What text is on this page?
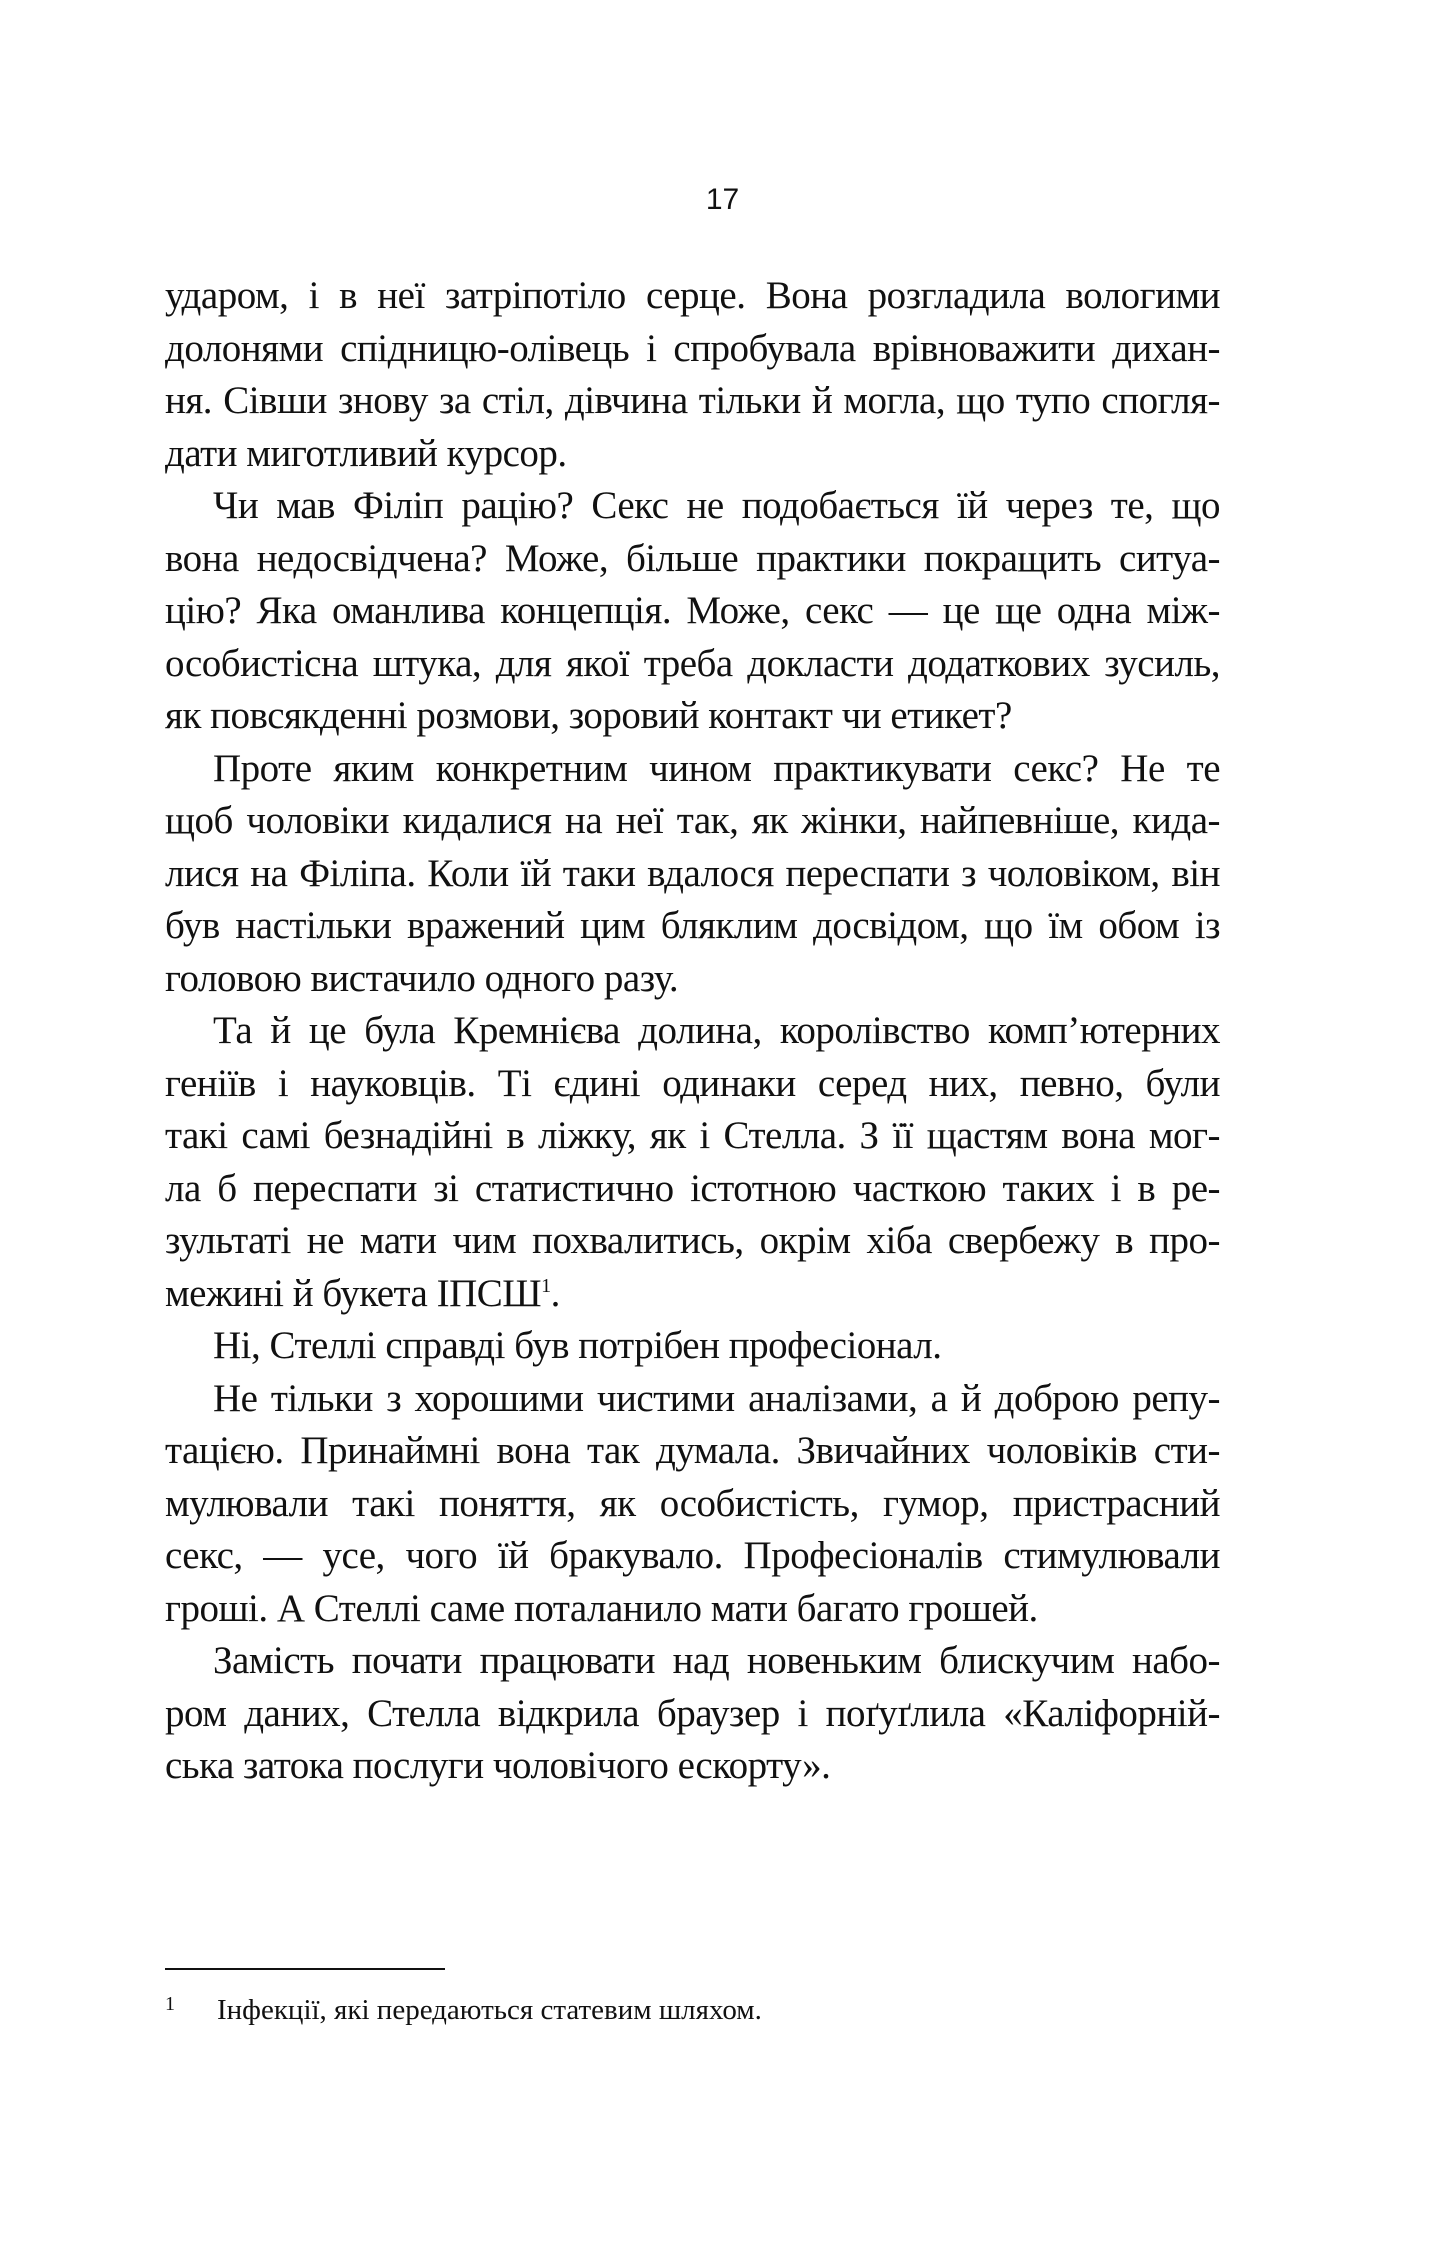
17
ударом, і в неї затріпотіло серце. Вона розгладила вологими
долонями спідницю-олівець і спробувала врівноважити дихан-
ня. Сівши знову за стіл, дівчина тільки й могла, що тупо спогля-
дати миготливий курсор.
Чи мав Філіп рацію? Секс не подобається їй через те, що
вона недосвідчена? Може, більше практики покращить ситуа-
цію? Яка оманлива концепція. Може, секс — це ще одна між-
особистісна штука, для якої треба докласти додаткових зусиль,
як повсякденні розмови, зоровий контакт чи етикет?
Проте яким конкретним чином практикувати секс? Не те
щоб чоловіки кидалися на неї так, як жінки, найпевніше, кида-
лися на Філіпа. Коли їй таки вдалося переспати з чоловіком, він
був настільки вражений цим бляклим досвідом, що їм обом із
головою вистачило одного разу.
Та й це була Кремнієва долина, королівство комп’ютерних
геніїв і науковців. Ті єдині одинаки серед них, певно, були
такі самі безнадійні в ліжку, як і Стелла. З її щастям вона мог-
ла б переспати зі статистично істотною часткою таких і в ре-
зультаті не мати чим похвалитись, окрім хіба свербежу в про-
межині й букета ІПСШ$^1$.
Ні, Стеллі справді був потрібен професіонал.
Не тільки з хорошими чистими аналізами, а й доброю репу-
тацією. Принаймні вона так думала. Звичайних чоловіків сти-
мулювали такі поняття, як особистість, гумор, пристрасний
секс, — усе, чого їй бракувало. Професіоналів стимулювали
гроші. А Стеллі саме поталанило мати багато грошей.
Замість почати працювати над новеньким блискучим набо-
ром даних, Стелла відкрила браузер і поґуґлила «Каліфорній-
ська затока послуги чоловічого ескорту».
1 Інфекції, які передаються статевим шляхом.
